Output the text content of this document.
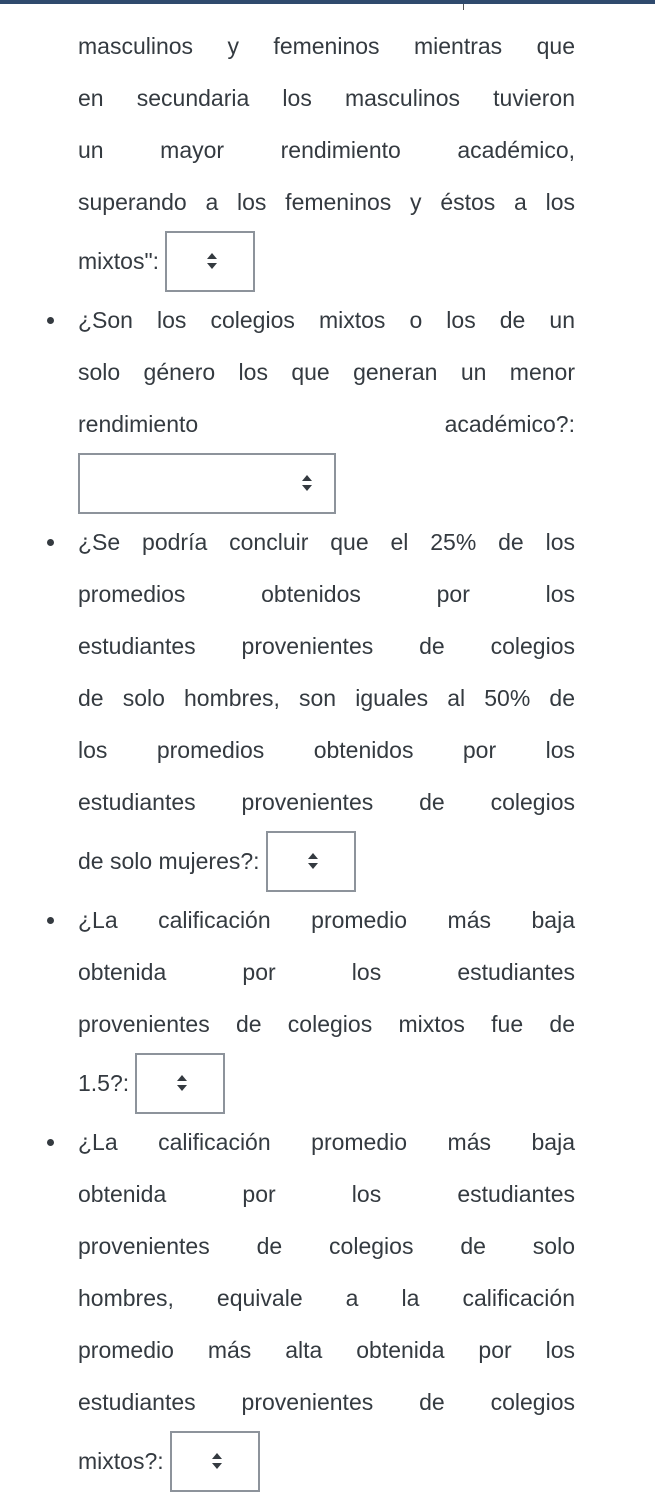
masculinos y femeninos mientras que
en secundaria los masculinos tuvieron
un mayor rendimiento académico,
superando a los femeninos y éstos a los
mixtos":
¿Son los colegios mixtos o los de un
solo género los que generan un menor
rendimiento académico?:
¿Se podría concluir que el 25% de los
promedios obtenidos por los
estudiantes provenientes de colegios
de solo hombres, son iguales al 50% de
los promedios obtenidos por los
estudiantes provenientes de colegios
de solo mujeres?:
¿La calificación promedio más baja
obtenida por los estudiantes
provenientes de colegios mixtos fue de
1.5?:
¿La calificación promedio más baja
obtenida por los estudiantes
provenientes de colegios de solo
hombres, equivale a la calificación
promedio más alta obtenida por los
estudiantes provenientes de colegios
mixtos?:
